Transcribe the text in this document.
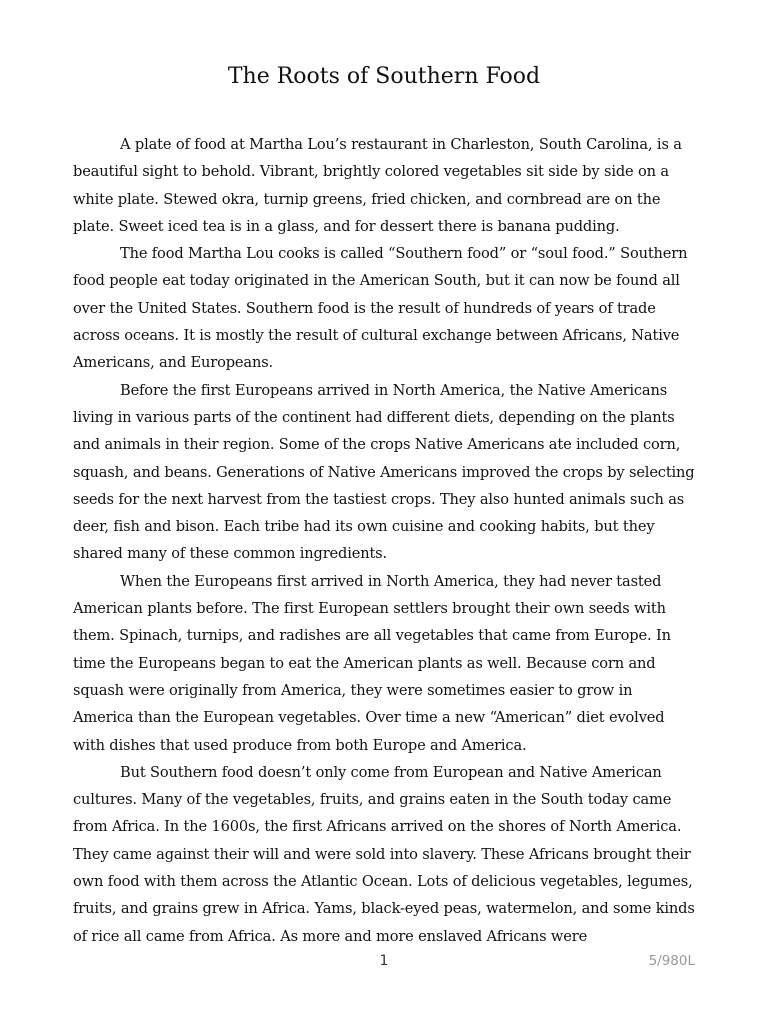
The Roots of Southern Food

A plate of food at Martha Lou’s restaurant in Charleston, South Carolina, is a beautiful sight to behold. Vibrant, brightly colored vegetables sit side by side on a white plate. Stewed okra, turnip greens, fried chicken, and cornbread are on the plate. Sweet iced tea is in a glass, and for dessert there is banana pudding.

The food Martha Lou cooks is called “Southern food” or “soul food.” Southern food people eat today originated in the American South, but it can now be found all over the United States. Southern food is the result of hundreds of years of trade across oceans. It is mostly the result of cultural exchange between Africans, Native Americans, and Europeans.

Before the first Europeans arrived in North America, the Native Americans living in various parts of the continent had different diets, depending on the plants and animals in their region. Some of the crops Native Americans ate included corn, squash, and beans. Generations of Native Americans improved the crops by selecting seeds for the next harvest from the tastiest crops. They also hunted animals such as deer, fish and bison. Each tribe had its own cuisine and cooking habits, but they shared many of these common ingredients.

When the Europeans first arrived in North America, they had never tasted American plants before. The first European settlers brought their own seeds with them. Spinach, turnips, and radishes are all vegetables that came from Europe. In time the Europeans began to eat the American plants as well. Because corn and squash were originally from America, they were sometimes easier to grow in America than the European vegetables. Over time a new “American” diet evolved with dishes that used produce from both Europe and America.

But Southern food doesn’t only come from European and Native American cultures. Many of the vegetables, fruits, and grains eaten in the South today came from Africa. In the 1600s, the first Africans arrived on the shores of North America. They came against their will and were sold into slavery. These Africans brought their own food with them across the Atlantic Ocean. Lots of delicious vegetables, legumes, fruits, and grains grew in Africa. Yams, black-eyed peas, watermelon, and some kinds of rice all came from Africa. As more and more enslaved Africans were

1	5/980L
